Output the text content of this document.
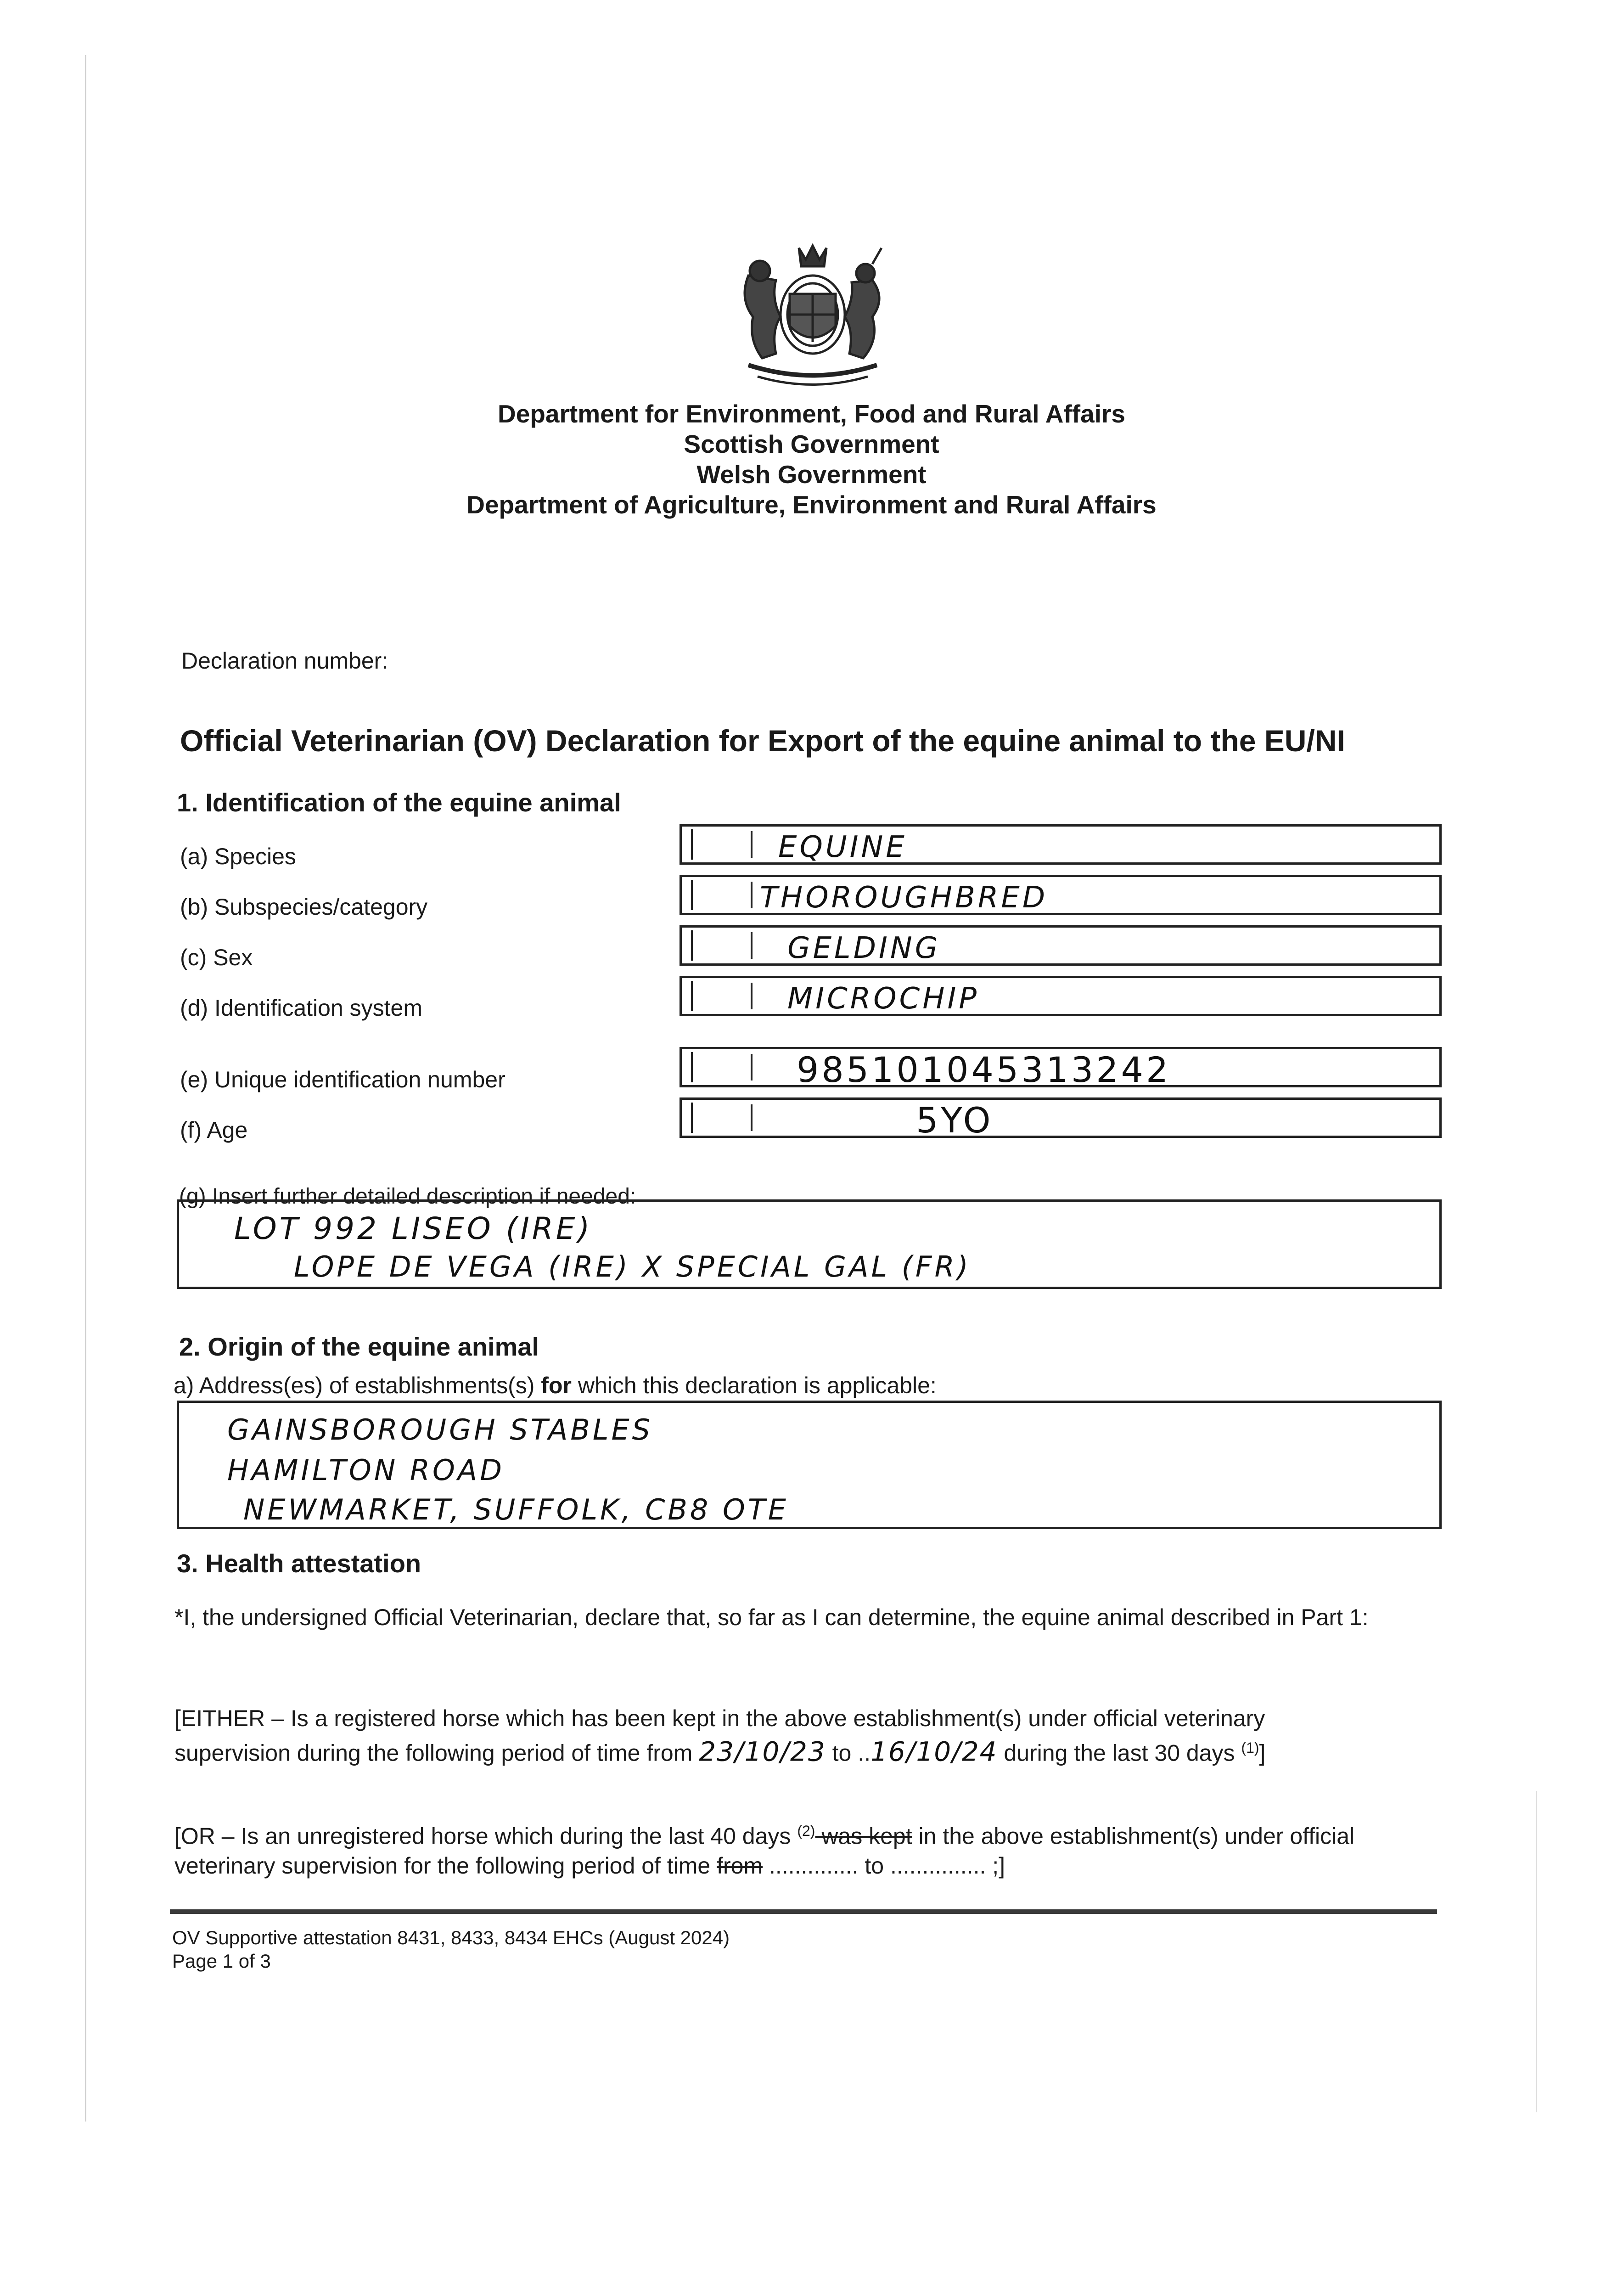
Department for Environment, Food and Rural Affairs
Scottish Government
Welsh Government
Department of Agriculture, Environment and Rural Affairs
Declaration number:
Official Veterinarian (OV) Declaration for Export of the equine animal to the EU/NI
1. Identification of the equine animal
(a) Species	EQUINE
(b) Subspecies/category	THOROUGHBRED
(c) Sex	GELDING
(d) Identification system	MICROCHIP
(e) Unique identification number	985101045313242
(f) Age	5YO
(g) Insert further detailed description if needed:
LOT 992 LISEO (IRE)
LOPE DE VEGA (IRE) X SPECIAL GAL (FR)
2. Origin of the equine animal
a) Address(es) of establishments(s) for which this declaration is applicable:
GAINSBOROUGH STABLES
HAMILTON ROAD
NEWMARKET, SUFFOLK, CB8 OTE
3. Health attestation
*I, the undersigned Official Veterinarian, declare that, so far as I can determine, the equine animal described in Part 1:
[EITHER – Is a registered horse which has been kept in the above establishment(s) under official veterinary
supervision during the following period of time from 23/10/23 to ..16/10/24 during the last 30 days $^{(1)}$]
[OR – Is an unregistered horse which during the last 40 days $^{(2)}$ was kept in the above establishment(s) under official
veterinary supervision for the following period of time from .............. to ............... ;]
OV Supportive attestation 8431, 8433, 8434 EHCs (August 2024)
Page 1 of 3
